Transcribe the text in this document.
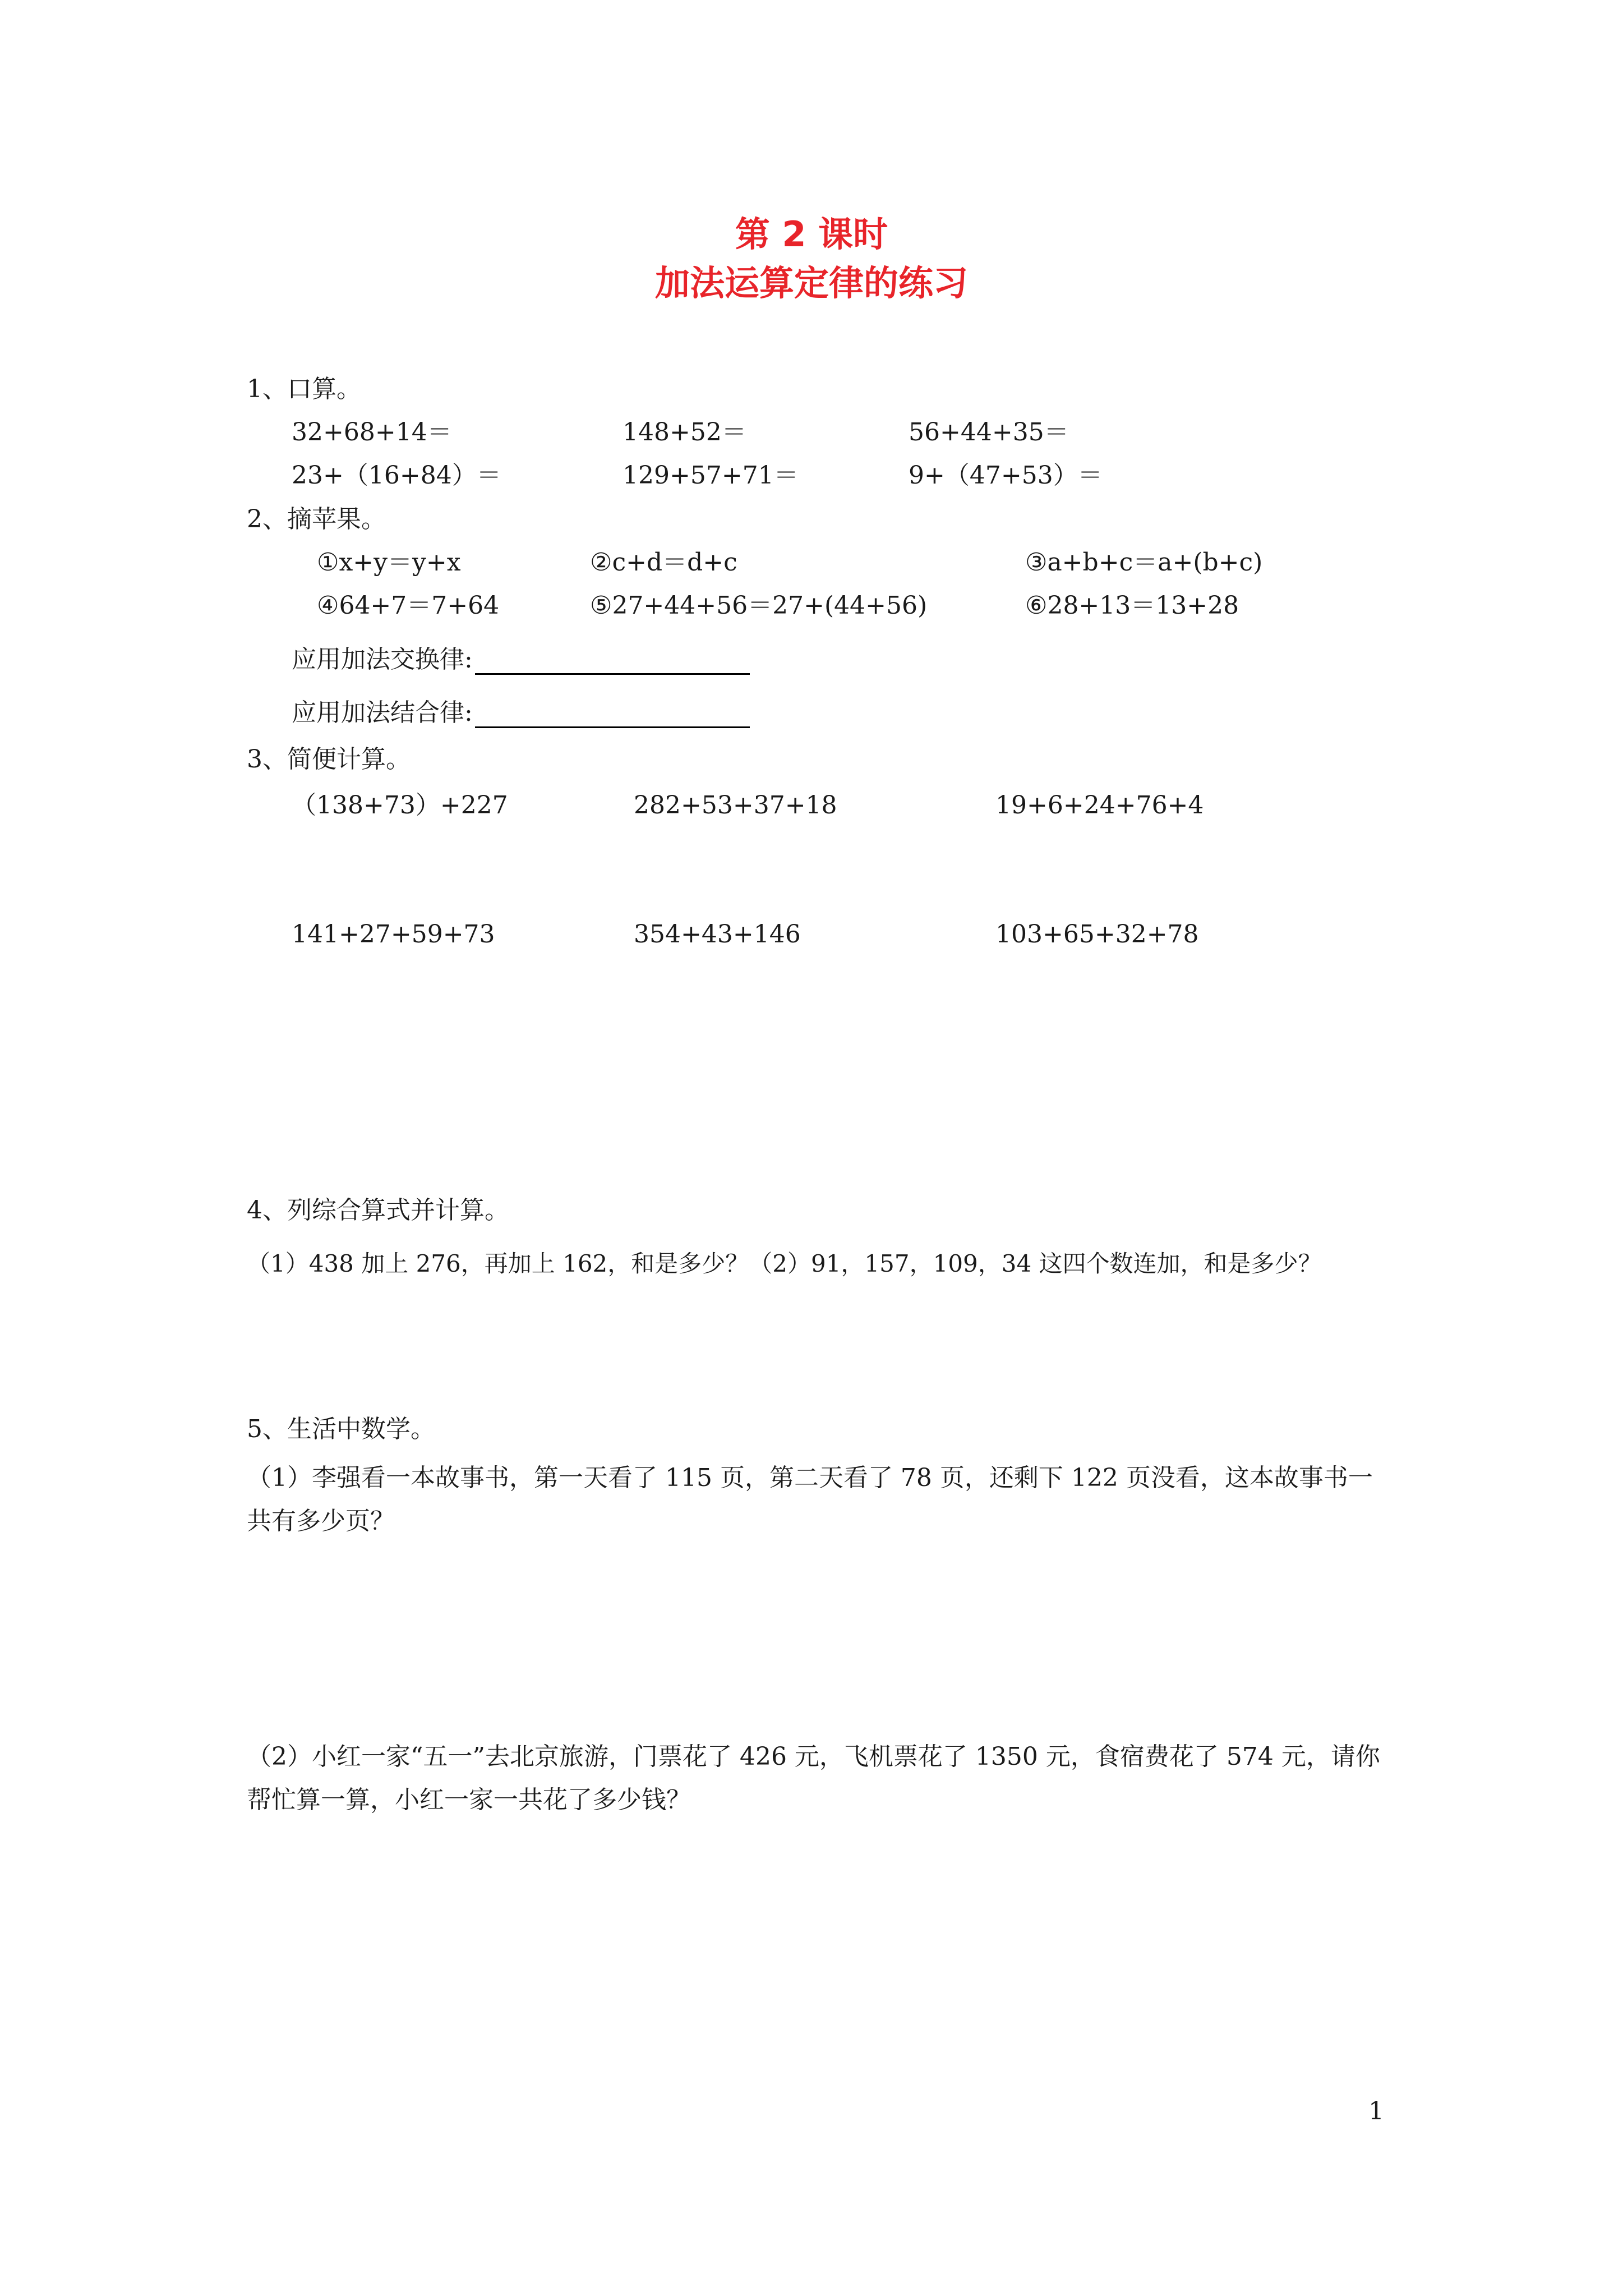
第 2 课时
加法运算定律的练习
1、口算。
32+68+14＝	148+52＝	56+44+35＝
23+（16+84）＝	129+57+71＝	9+（47+53）＝
2、摘苹果。
①x+y＝y+x	②c+d＝d+c	③a+b+c＝a+(b+c)
④64+7＝7+64	⑤27+44+56＝27+(44+56)	⑥28+13＝13+28
应用加法交换律:
应用加法结合律:
3、简便计算。
（138+73）+227	282+53+37+18	19+6+24+76+4
141+27+59+73	354+43+146	103+65+32+78
4、列综合算式并计算。
（1）438 加上 276，再加上 162，和是多少？（2）91，157，109，34 这四个数连加，和是多少？
5、生活中数学。
（1）李强看一本故事书，第一天看了 115 页，第二天看了 78 页，还剩下 122 页没看，这本故事书一共有多少页？
（2）小红一家“五一”去北京旅游，门票花了 426 元，飞机票花了 1350 元，食宿费花了 574 元，请你帮忙算一算，小红一家一共花了多少钱？
1
